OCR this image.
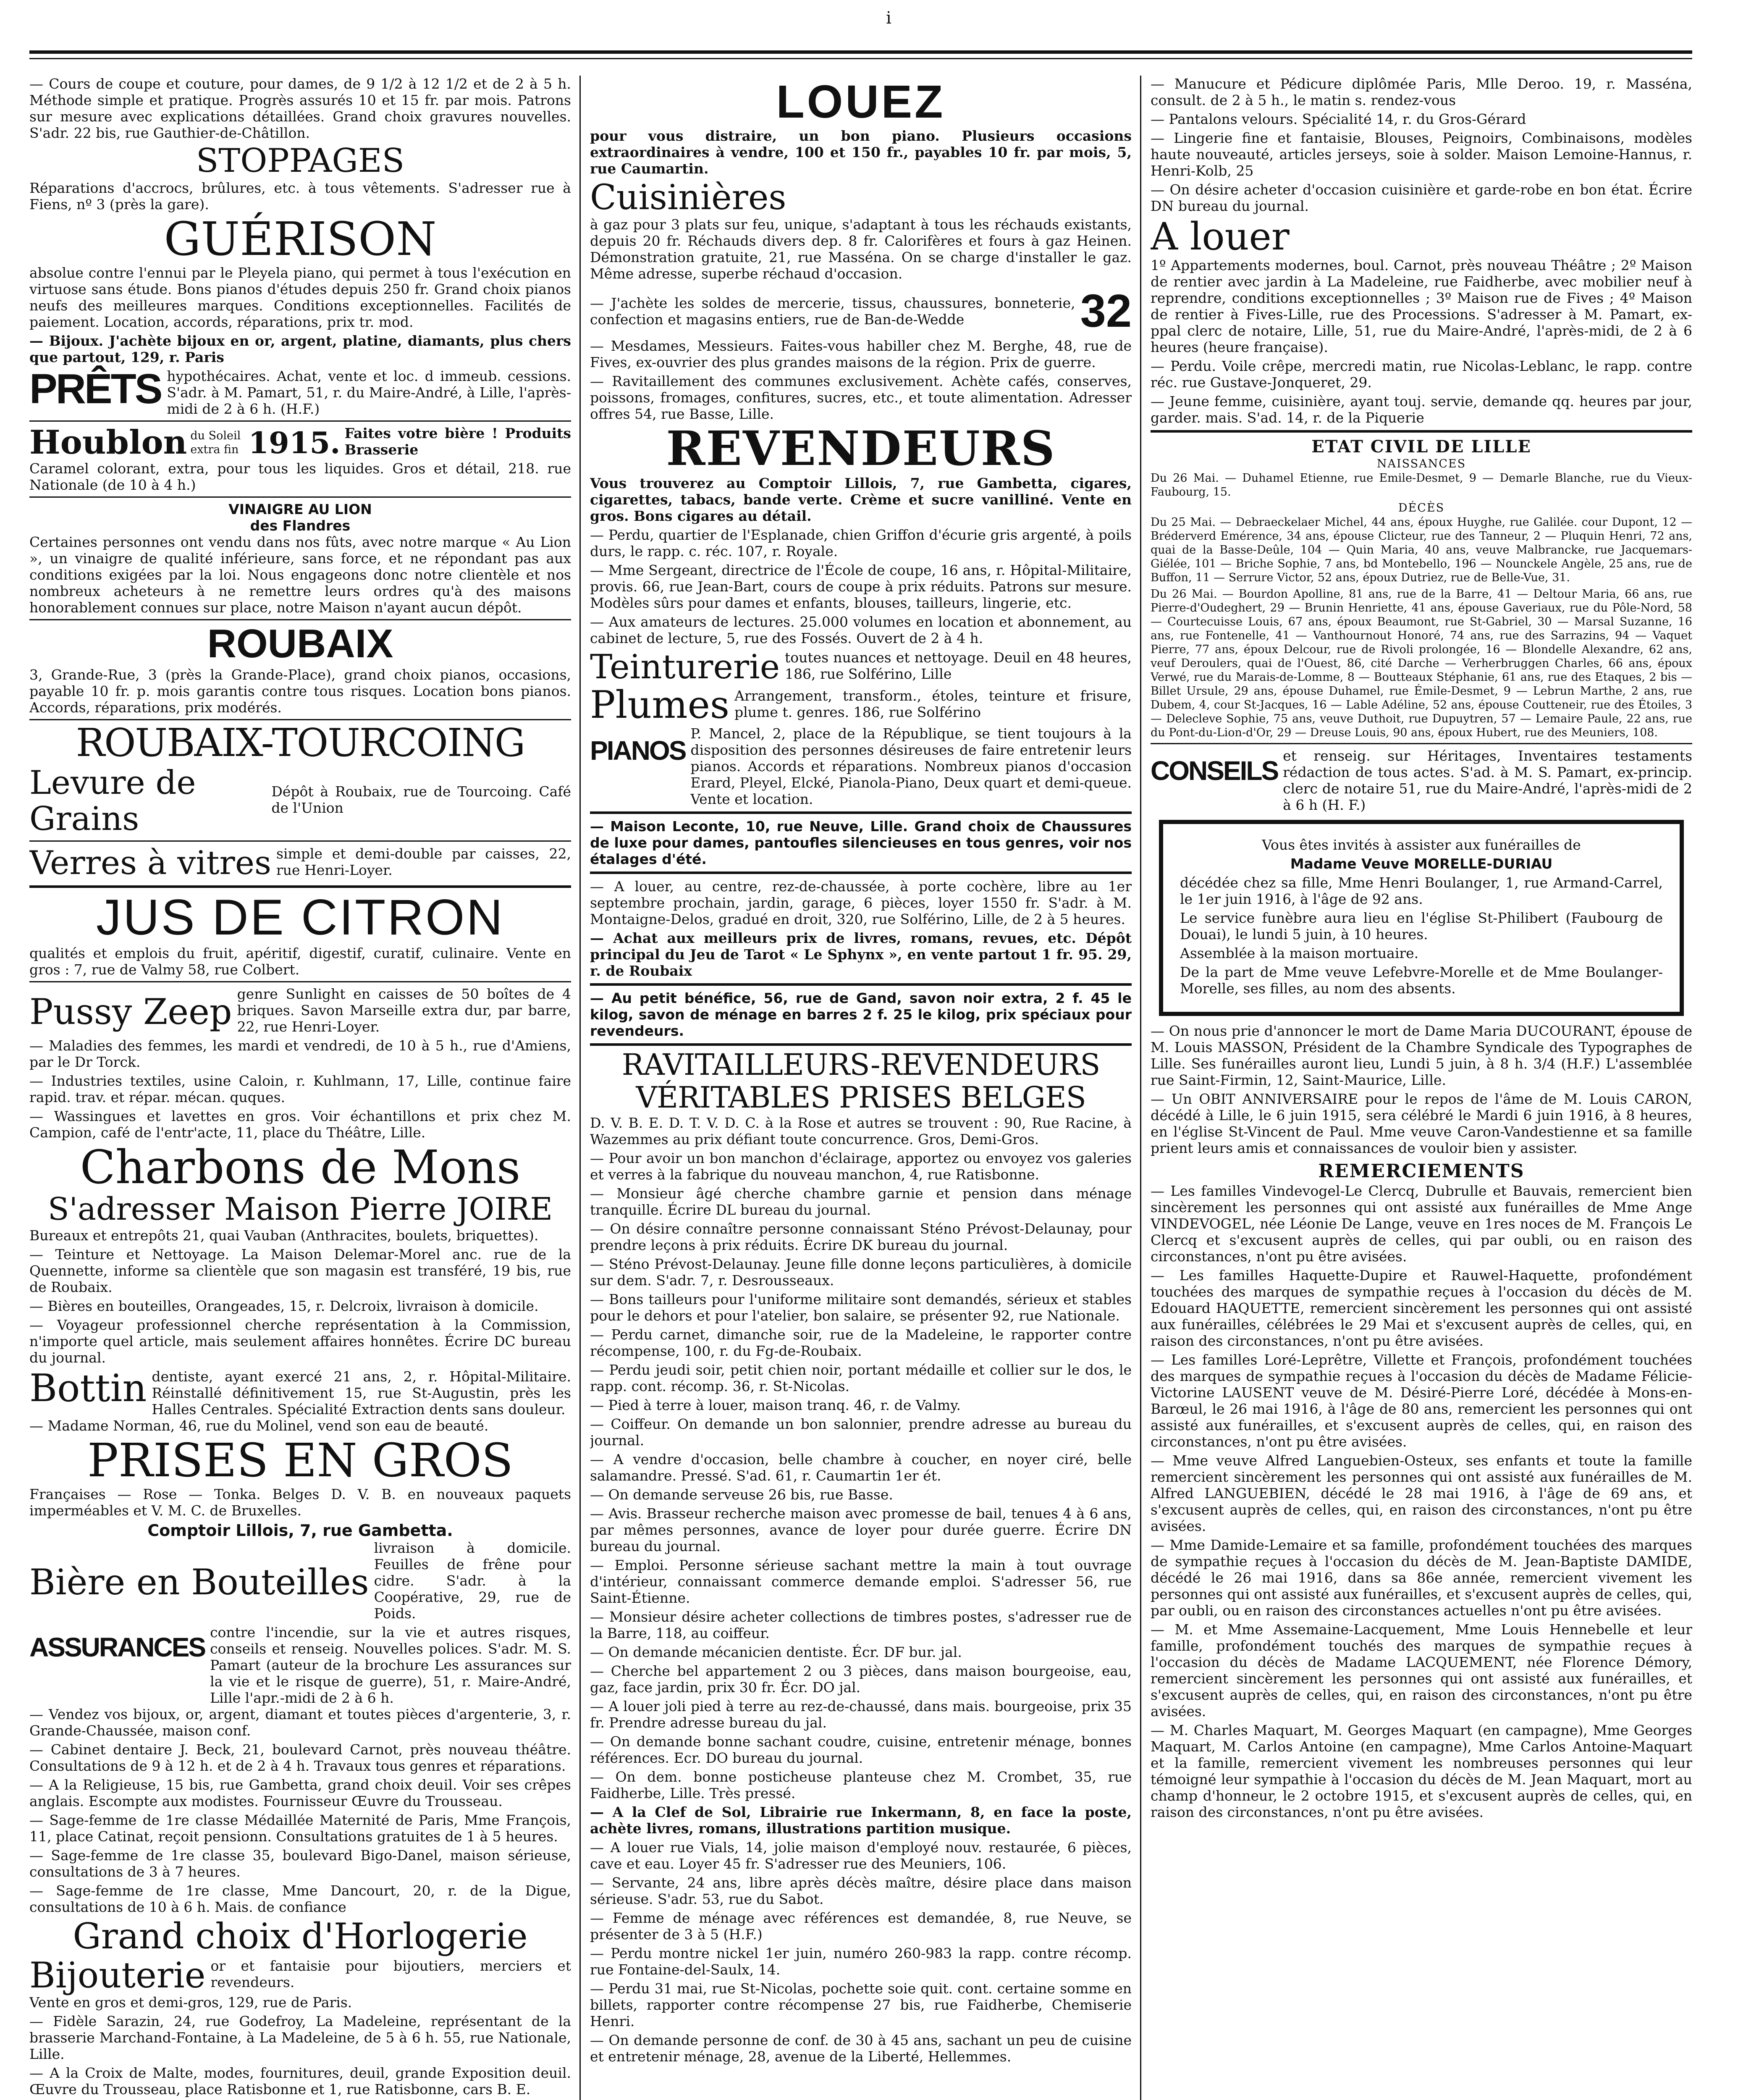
i

— Cours de coupe et couture, pour dames, de 9 1/2 à 12 1/2 et de 2 à 5 h. Méthode simple et pratique. Progrès assurés 10 et 15 fr. par mois. Patrons sur mesure avec explications détaillées. Grand choix gravures nouvelles. S'adr. 22 bis, rue Gauthier-de-Châtillon.

STOPPAGES

Réparations d'accrocs, brûlures, etc. à tous vêtements. S'adresser rue à Fiens, nº 3 (près la gare).

GUÉRISON

absolue contre l'ennui par le Pleyela piano, qui permet à tous l'exécution en virtuose sans étude. Bons pianos d'études depuis 250 fr. Grand choix pianos neufs des meilleures marques. Conditions exceptionnelles. Facilités de paiement. Location, accords, réparations, prix tr. mod.

— Bijoux. J'achète bijoux en or, argent, platine, diamants, plus chers que partout, 129, r. Paris

PRÊTS hypothécaires. Achat, vente et loc. d immeub. cessions. S'adr. à M. Pamart, 51, r. du Maire-André, à Lille, l'après-midi de 2 à 6 h. (H.F.)

Houblon du Soleil extra fin 1915. Faites votre bière ! Produits Brasserie

Caramel colorant, extra, pour tous les liquides. Gros et détail, 218. rue Nationale (de 10 à 4 h.)

VINAIGRE AU LION
des Flandres

Certaines personnes ont vendu dans nos fûts, avec notre marque « Au Lion », un vinaigre de qualité inférieure, sans force, et ne répondant pas aux conditions exigées par la loi. Nous engageons donc notre clientèle et nos nombreux acheteurs à ne remettre leurs ordres qu'à des maisons honorablement connues sur place, notre Maison n'ayant aucun dépôt.

ROUBAIX

3, Grande-Rue, 3 (près la Grande-Place), grand choix pianos, occasions, payable 10 fr. p. mois garantis contre tous risques. Location bons pianos. Accords, réparations, prix modérés.

ROUBAIX-TOURCOING
Levure de Grains
Dépôt à Roubaix, rue de Tourcoing. Café de l'Union
Verres à vitres simple et demi-double par caisses, 22, rue Henri-Loyer.
JUS DE CITRON

qualités et emplois du fruit, apéritif, digestif, curatif, culinaire. Vente en gros : 7, rue de Valmy 58, rue Colbert.

Pussy Zeep genre Sunlight en caisses de 50 boîtes de 4 briques. Savon Marseille extra dur, par barre, 22, rue Henri-Loyer.

— Maladies des femmes, les mardi et vendredi, de 10 à 5 h., rue d'Amiens, par le Dr Torck.

— Industries textiles, usine Caloin, r. Kuhlmann, 17, Lille, continue faire rapid. trav. et répar. mécan. quques.

— Wassingues et lavettes en gros. Voir échantillons et prix chez M. Campion, café de l'entr'acte, 11, place du Théâtre, Lille.

Charbons de Mons
S'adresser Maison Pierre JOIRE

Bureaux et entrepôts 21, quai Vauban (Anthracites, boulets, briquettes).

— Teinture et Nettoyage. La Maison Delemar-Morel anc. rue de la Quennette, informe sa clientèle que son magasin est transféré, 19 bis, rue de Roubaix.

— Bières en bouteilles, Orangeades, 15, r. Delcroix, livraison à domicile.

— Voyageur professionnel cherche représentation à la Commission, n'importe quel article, mais seulement affaires honnêtes. Écrire DC bureau du journal.

Bottin dentiste, ayant exercé 21 ans, 2, r. Hôpital-Militaire. Réinstallé définitivement 15, rue St-Augustin, près les Halles Centrales. Spécialité Extraction dents sans douleur.

— Madame Norman, 46, rue du Molinel, vend son eau de beauté.

PRISES EN GROS

Françaises — Rose — Tonka. Belges D. V. B. en nouveaux paquets imperméables et V. M. C. de Bruxelles.

Comptoir Lillois, 7, rue Gambetta.
Bière en Bouteilles
livraison à domicile. Feuilles de frêne pour cidre. S'adr. à la Coopérative, 29, rue de Poids.
ASSURANCES contre l'incendie, sur la vie et autres risques, conseils et renseig. Nouvelles polices. S'adr. M. S. Pamart (auteur de la brochure Les assurances sur la vie et le risque de guerre), 51, r. Maire-André, Lille l'apr.-midi de 2 à 6 h.

— Vendez vos bijoux, or, argent, diamant et toutes pièces d'argenterie, 3, r. Grande-Chaussée, maison conf.

— Cabinet dentaire J. Beck, 21, boulevard Carnot, près nouveau théâtre. Consultations de 9 à 12 h. et de 2 à 4 h. Travaux tous genres et réparations.

— A la Religieuse, 15 bis, rue Gambetta, grand choix deuil. Voir ses crêpes anglais. Escompte aux modistes. Fournisseur Œuvre du Trousseau.

— Sage-femme de 1re classe Médaillée Maternité de Paris, Mme François, 11, place Catinat, reçoit pensionn. Consultations gratuites de 1 à 5 heures.

— Sage-femme de 1re classe 35, boulevard Bigo-Danel, maison sérieuse, consultations de 3 à 7 heures.

— Sage-femme de 1re classe, Mme Dancourt, 20, r. de la Digue, consultations de 10 à 6 h. Mais. de confiance

Grand choix d'Horlogerie
Bijouterie or et fantaisie pour bijoutiers, merciers et revendeurs.

Vente en gros et demi-gros, 129, rue de Paris.

— Fidèle Sarazin, 24, rue Godefroy, La Madeleine, représentant de la brasserie Marchand-Fontaine, à La Madeleine, de 5 à 6 h. 55, rue Nationale, Lille.

— A la Croix de Malte, modes, fournitures, deuil, grande Exposition deuil. Œuvre du Trousseau, place Ratisbonne et 1, rue Ratisbonne, cars B. E.

LOUEZ

pour vous distraire, un bon piano. Plusieurs occasions extraordinaires à vendre, 100 et 150 fr., payables 10 fr. par mois, 5, rue Caumartin.

Cuisinières

à gaz pour 3 plats sur feu, unique, s'adaptant à tous les réchauds existants, depuis 20 fr. Réchauds divers dep. 8 fr. Calorifères et fours à gaz Heinen. Démonstration gratuite, 21, rue Masséna. On se charge d'installer le gaz. Même adresse, superbe réchaud d'occasion.

— J'achète les soldes de mercerie, tissus, chaussures, bonneterie, confection et magasins entiers, rue de Ban-de-Wedde	32

— Mesdames, Messieurs. Faites-vous habiller chez M. Berghe, 48, rue de Fives, ex-ouvrier des plus grandes maisons de la région. Prix de guerre.

— Ravitaillement des communes exclusivement. Achète cafés, conserves, poissons, fromages, confitures, sucres, etc., et toute alimentation. Adresser offres 54, rue Basse, Lille.

REVENDEURS

Vous trouverez au Comptoir Lillois, 7, rue Gambetta, cigares, cigarettes, tabacs, bande verte. Crème et sucre vanilliné. Vente en gros. Bons cigares au détail.

— Perdu, quartier de l'Esplanade, chien Griffon d'écurie gris argenté, à poils durs, le rapp. c. réc. 107, r. Royale.

— Mme Sergeant, directrice de l'École de coupe, 16 ans, r. Hôpital-Militaire, provis. 66, rue Jean-Bart, cours de coupe à prix réduits. Patrons sur mesure. Modèles sûrs pour dames et enfants, blouses, tailleurs, lingerie, etc.

— Aux amateurs de lectures. 25.000 volumes en location et abonnement, au cabinet de lecture, 5, rue des Fossés. Ouvert de 2 à 4 h.

Teinturerie toutes nuances et nettoyage. Deuil en 48 heures, 186, rue Solférino, Lille
Plumes Arrangement, transform., étoles, teinture et frisure, plume t. genres. 186, rue Solférino
PIANOS

P. Mancel, 2, place de la République, se tient toujours à la disposition des personnes désireuses de faire entretenir leurs pianos. Accords et réparations. Nombreux pianos d'occasion Erard, Pleyel, Elcké, Pianola-Piano, Deux quart et demi-queue. Vente et location.

— Maison Leconte, 10, rue Neuve, Lille. Grand choix de Chaussures de luxe pour dames, pantoufles silencieuses en tous genres, voir nos étalages d'été.

— A louer, au centre, rez-de-chaussée, à porte cochère, libre au 1er septembre prochain, jardin, garage, 6 pièces, loyer 1550 fr. S'adr. à M. Montaigne-Delos, gradué en droit, 320, rue Solférino, Lille, de 2 à 5 heures.

— Achat aux meilleurs prix de livres, romans, revues, etc. Dépôt principal du Jeu de Tarot « Le Sphynx », en vente partout 1 fr. 95. 29, r. de Roubaix

— Au petit bénéfice, 56, rue de Gand, savon noir extra, 2 f. 45 le kilog, savon de ménage en barres 2 f. 25 le kilog, prix spéciaux pour revendeurs.

RAVITAILLEURS-REVENDEURS
VÉRITABLES PRISES BELGES

D. V. B. E. D. T. V. D. C. à la Rose et autres se trouvent : 90, Rue Racine, à Wazemmes au prix défiant toute concurrence. Gros, Demi-Gros.

— Pour avoir un bon manchon d'éclairage, apportez ou envoyez vos galeries et verres à la fabrique du nouveau manchon, 4, rue Ratisbonne.

— Monsieur âgé cherche chambre garnie et pension dans ménage tranquille. Écrire DL bureau du journal.

— On désire connaître personne connaissant Sténo Prévost-Delaunay, pour prendre leçons à prix réduits. Écrire DK bureau du journal.

— Sténo Prévost-Delaunay. Jeune fille donne leçons particulières, à domicile sur dem. S'adr. 7, r. Desrousseaux.

— Bons tailleurs pour l'uniforme militaire sont demandés, sérieux et stables pour le dehors et pour l'atelier, bon salaire, se présenter 92, rue Nationale.

— Perdu carnet, dimanche soir, rue de la Madeleine, le rapporter contre récompense, 100, r. du Fg-de-Roubaix.

— Perdu jeudi soir, petit chien noir, portant médaille et collier sur le dos, le rapp. cont. récomp. 36, r. St-Nicolas.

— Pied à terre à louer, maison tranq. 46, r. de Valmy.

— Coiffeur. On demande un bon salonnier, prendre adresse au bureau du journal.

— A vendre d'occasion, belle chambre à coucher, en noyer ciré, belle salamandre. Pressé. S'ad. 61, r. Caumartin 1er ét.

— On demande serveuse 26 bis, rue Basse.

— Avis. Brasseur recherche maison avec promesse de bail, tenues 4 à 6 ans, par mêmes personnes, avance de loyer pour durée guerre. Écrire DN bureau du journal.

— Emploi. Personne sérieuse sachant mettre la main à tout ouvrage d'intérieur, connaissant commerce demande emploi. S'adresser 56, rue Saint-Étienne.

— Monsieur désire acheter collections de timbres postes, s'adresser rue de la Barre, 118, au coiffeur.

— On demande mécanicien dentiste. Écr. DF bur. jal.

— Cherche bel appartement 2 ou 3 pièces, dans maison bourgeoise, eau, gaz, face jardin, prix 30 fr. Écr. DO jal.

— A louer joli pied à terre au rez-de-chaussé, dans mais. bourgeoise, prix 35 fr. Prendre adresse bureau du jal.

— On demande bonne sachant coudre, cuisine, entretenir ménage, bonnes références. Ecr. DO bureau du journal.

— On dem. bonne posticheuse planteuse chez M. Crombet, 35, rue Faidherbe, Lille. Très pressé.

— A la Clef de Sol, Librairie rue Inkermann, 8, en face la poste, achète livres, romans, illustrations partition musique.

— A louer rue Vials, 14, jolie maison d'employé nouv. restaurée, 6 pièces, cave et eau. Loyer 45 fr. S'adresser rue des Meuniers, 106.

— Servante, 24 ans, libre après décès maître, désire place dans maison sérieuse. S'adr. 53, rue du Sabot.

— Femme de ménage avec références est demandée, 8, rue Neuve, se présenter de 3 à 5 (H.F.)

— Perdu montre nickel 1er juin, numéro 260-983 la rapp. contre récomp. rue Fontaine-del-Saulx, 14.

— Perdu 31 mai, rue St-Nicolas, pochette soie quit. cont. certaine somme en billets, rapporter contre récompense 27 bis, rue Faidherbe, Chemiserie Henri.

— On demande personne de conf. de 30 à 45 ans, sachant un peu de cuisine et entretenir ménage, 28, avenue de la Liberté, Hellemmes.

— Manucure et Pédicure diplômée Paris, Mlle Deroo. 19, r. Masséna, consult. de 2 à 5 h., le matin s. rendez-vous

— Pantalons velours. Spécialité 14, r. du Gros-Gérard

— Lingerie fine et fantaisie, Blouses, Peignoirs, Combinaisons, modèles haute nouveauté, articles jerseys, soie à solder. Maison Lemoine-Hannus, r. Henri-Kolb, 25

— On désire acheter d'occasion cuisinière et garde-robe en bon état. Écrire DN bureau du journal.

A louer

1º Appartements modernes, boul. Carnot, près nouveau Théâtre ; 2º Maison de rentier avec jardin à La Madeleine, rue Faidherbe, avec mobilier neuf à reprendre, conditions exceptionnelles ; 3º Maison rue de Fives ; 4º Maison de rentier à Fives-Lille, rue des Processions. S'adresser à M. Pamart, ex-ppal clerc de notaire, Lille, 51, rue du Maire-André, l'après-midi, de 2 à 6 heures (heure française).

— Perdu. Voile crêpe, mercredi matin, rue Nicolas-Leblanc, le rapp. contre réc. rue Gustave-Jonqueret, 29.

— Jeune femme, cuisinière, ayant touj. servie, demande qq. heures par jour, garder. mais. S'ad. 14, r. de la Piquerie

ETAT CIVIL DE LILLE
NAISSANCES

Du 26 Mai. — Duhamel Etienne, rue Emile-Desmet, 9 — Demarle Blanche, rue du Vieux-Faubourg, 15.

DÉCÈS

Du 25 Mai. — Debraeckelaer Michel, 44 ans, époux Huyghe, rue Galilée. cour Dupont, 12 — Bréderverd Emérence, 34 ans, épouse Clicteur, rue des Tanneur, 2 — Pluquin Henri, 72 ans, quai de la Basse-Deûle, 104 — Quin Maria, 40 ans, veuve Malbrancke, rue Jacquemars-Giélée, 101 — Briche Sophie, 7 ans, bd Montebello, 196 — Nounckele Angèle, 25 ans, rue de Buffon, 11 — Serrure Victor, 52 ans, époux Dutriez, rue de Belle-Vue, 31.

Du 26 Mai. — Bourdon Apolline, 81 ans, rue de la Barre, 41 — Deltour Maria, 66 ans, rue Pierre-d'Oudeghert, 29 — Brunin Henriette, 41 ans, épouse Gaveriaux, rue du Pôle-Nord, 58 — Courtecuisse Louis, 67 ans, époux Beaumont, rue St-Gabriel, 30 — Marsal Suzanne, 16 ans, rue Fontenelle, 41 — Vanthournout Honoré, 74 ans, rue des Sarrazins, 94 — Vaquet Pierre, 77 ans, époux Delcour, rue de Rivoli prolongée, 16 — Blondelle Alexandre, 62 ans, veuf Deroulers, quai de l'Ouest, 86, cité Darche — Verherbruggen Charles, 66 ans, époux Verwé, rue du Marais-de-Lomme, 8 — Boutteaux Stéphanie, 61 ans, rue des Etaques, 2 bis — Billet Ursule, 29 ans, épouse Duhamel, rue Émile-Desmet, 9 — Lebrun Marthe, 2 ans, rue Dubem, 4, cour St-Jacques, 16 — Lable Adéline, 52 ans, épouse Coutteneir, rue des Étoiles, 3 — Delecleve Sophie, 75 ans, veuve Duthoit, rue Dupuytren, 57 — Lemaire Paule, 22 ans, rue du Pont-du-Lion-d'Or, 29 — Dreuse Louis, 90 ans, époux Hubert, rue des Meuniers, 108.

CONSEILS et renseig. sur Héritages, Inventaires testaments rédaction de tous actes. S'ad. à M. S. Pamart, ex-princip. clerc de notaire 51, rue du Maire-André, l'après-midi de 2 à 6 h (H. F.)

Vous êtes invités à assister aux funérailles de

Madame Veuve MORELLE-DURIAU

décédée chez sa fille, Mme Henri Boulanger, 1, rue Armand-Carrel, le 1er juin 1916, à l'âge de 92 ans.

Le service funèbre aura lieu en l'église St-Philibert (Faubourg de Douai), le lundi 5 juin, à 10 heures.

Assemblée à la maison mortuaire.

De la part de Mme veuve Lefebvre-Morelle et de Mme Boulanger-Morelle, ses filles, au nom des absents.

— On nous prie d'annoncer le mort de Dame Maria DUCOURANT, épouse de M. Louis MASSON, Président de la Chambre Syndicale des Typographes de Lille. Ses funérailles auront lieu, Lundi 5 juin, à 8 h. 3/4 (H.F.) L'assemblée rue Saint-Firmin, 12, Saint-Maurice, Lille.

— Un OBIT ANNIVERSAIRE pour le repos de l'âme de M. Louis CARON, décédé à Lille, le 6 juin 1915, sera célébré le Mardi 6 juin 1916, à 8 heures, en l'église St-Vincent de Paul. Mme veuve Caron-Vandestienne et sa famille prient leurs amis et connaissances de vouloir bien y assister.

REMERCIEMENTS

— Les familles Vindevogel-Le Clercq, Dubrulle et Bauvais, remercient bien sincèrement les personnes qui ont assisté aux funérailles de Mme Ange VINDEVOGEL, née Léonie De Lange, veuve en 1res noces de M. François Le Clercq et s'excusent auprès de celles, qui par oubli, ou en raison des circonstances, n'ont pu être avisées.

— Les familles Haquette-Dupire et Rauwel-Haquette, profondément touchées des marques de sympathie reçues à l'occasion du décès de M. Edouard HAQUETTE, remercient sincèrement les personnes qui ont assisté aux funérailles, célébrées le 29 Mai et s'excusent auprès de celles, qui, en raison des circonstances, n'ont pu être avisées.

— Les familles Loré-Leprêtre, Villette et François, profondément touchées des marques de sympathie reçues à l'occasion du décès de Madame Félicie-Victorine LAUSENT veuve de M. Désiré-Pierre Loré, décédée à Mons-en-Barœul, le 26 mai 1916, à l'âge de 80 ans, remercient les personnes qui ont assisté aux funérailles, et s'excusent auprès de celles, qui, en raison des circonstances, n'ont pu être avisées.

— Mme veuve Alfred Languebien-Osteux, ses enfants et toute la famille remercient sincèrement les personnes qui ont assisté aux funérailles de M. Alfred LANGUEBIEN, décédé le 28 mai 1916, à l'âge de 69 ans, et s'excusent auprès de celles, qui, en raison des circonstances, n'ont pu être avisées.

— Mme Damide-Lemaire et sa famille, profondément touchées des marques de sympathie reçues à l'occasion du décès de M. Jean-Baptiste DAMIDE, décédé le 26 mai 1916, dans sa 86e année, remercient vivement les personnes qui ont assisté aux funérailles, et s'excusent auprès de celles, qui, par oubli, ou en raison des circonstances actuelles n'ont pu être avisées.

— M. et Mme Assemaine-Lacquement, Mme Louis Hennebelle et leur famille, profondément touchés des marques de sympathie reçues à l'occasion du décès de Madame LACQUEMENT, née Florence Démory, remercient sincèrement les personnes qui ont assisté aux funérailles, et s'excusent auprès de celles, qui, en raison des circonstances, n'ont pu être avisées.

— M. Charles Maquart, M. Georges Maquart (en campagne), Mme Georges Maquart, M. Carlos Antoine (en campagne), Mme Carlos Antoine-Maquart et la famille, remercient vivement les nombreuses personnes qui leur témoigné leur sympathie à l'occasion du décès de M. Jean Maquart, mort au champ d'honneur, le 2 octobre 1915, et s'excusent auprès de celles, qui, en raison des circonstances, n'ont pu être avisées.
